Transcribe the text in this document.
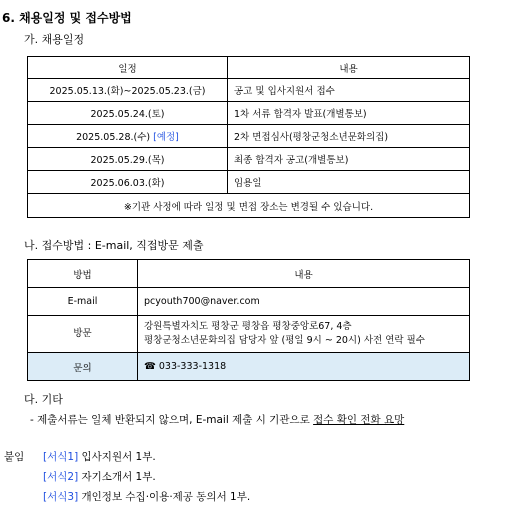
6. 채용일정 및 접수방법
가. 채용일정
일정	내용
2025.05.13.(화)~2025.05.23.(금)	공고 및 입사지원서 접수
2025.05.24.(토)	1차 서류 합격자 발표(개별통보)
2025.05.28.(수) [예정]	2차 면접심사(평창군청소년문화의집)
2025.05.29.(목)	최종 합격자 공고(개별통보)
2025.06.03.(화)	임용일
※기관 사정에 따라 일정 및 면접 장소는 변경될 수 있습니다.	
나. 접수방법 : E-mail, 직접방문 제출
방법	내용
E-mail	pcyouth700@naver.com
방문	강원특별자치도 평창군 평창읍 평창중앙로67, 4층
평창군청소년문화의집 담당자 앞 (평일 9시 ~ 20시) 사전 연락 필수

문의	☎ 033-333-1318
다. 기타
- 제출서류는 일체 반환되지 않으며, E-mail 제출 시 기관으로 접수 확인 전화 요망
붙임 [서식1] 입사지원서 1부.
[서식2] 자기소개서 1부.
[서식3] 개인정보 수집·이용·제공 동의서 1부.
